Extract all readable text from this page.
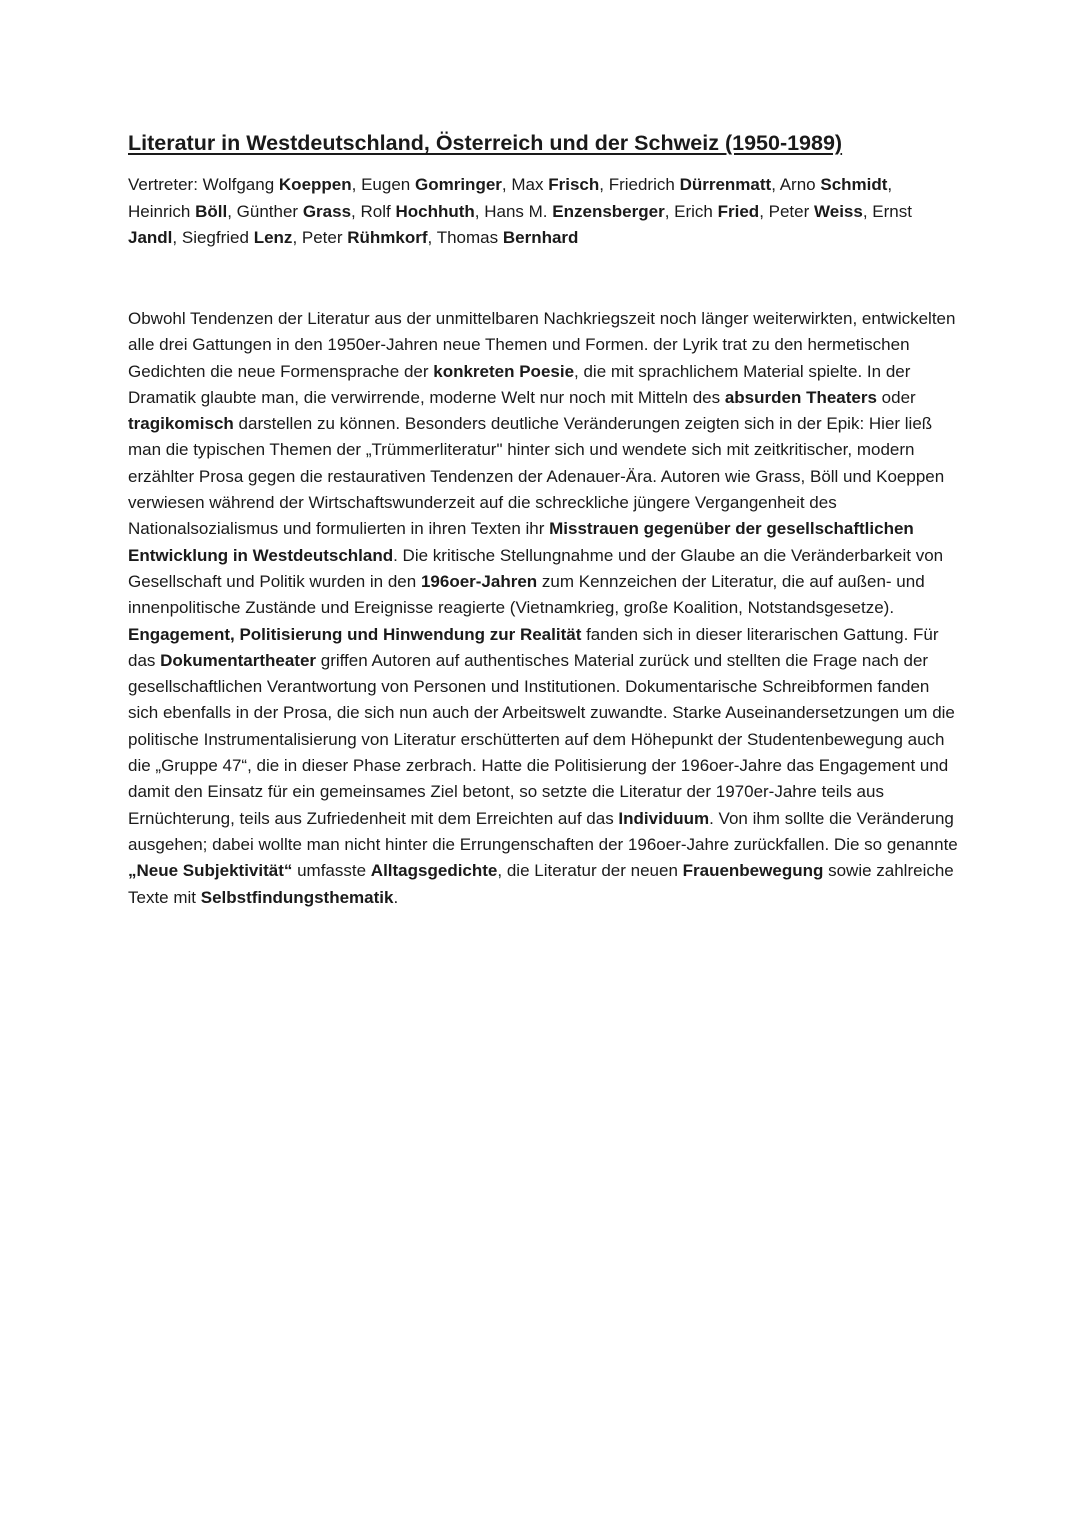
Literatur in Westdeutschland, Österreich und der Schweiz (1950-1989)

Vertreter: Wolfgang Koeppen, Eugen Gomringer, Max Frisch, Friedrich Dürrenmatt, Arno Schmidt, Heinrich Böll, Günther Grass, Rolf Hochhuth, Hans M. Enzensberger, Erich Fried, Peter Weiss, Ernst Jandl, Siegfried Lenz, Peter Rühmkorf, Thomas Bernhard

Obwohl Tendenzen der Literatur aus der unmittelbaren Nachkriegszeit noch länger weiterwirkten, entwickelten alle drei Gattungen in den 1950er-Jahren neue Themen und Formen. der Lyrik trat zu den hermetischen Gedichten die neue Formensprache der konkreten Poesie, die mit sprachlichem Material spielte. In der Dramatik glaubte man, die verwirrende, moderne Welt nur noch mit Mitteln des absurden Theaters oder tragikomisch darstellen zu können. Besonders deutliche Veränderungen zeigten sich in der Epik: Hier ließ man die typischen Themen der „Trümmerliteratur" hinter sich und wendete sich mit zeitkritischer, modern erzählter Prosa gegen die restaurativen Tendenzen der Adenauer-Ära. Autoren wie Grass, Böll und Koeppen verwiesen während der Wirtschaftswunderzeit auf die schreckliche jüngere Vergangenheit des Nationalsozialismus und formulierten in ihren Texten ihr Misstrauen gegenüber der gesellschaftlichen Entwicklung in Westdeutschland. Die kritische Stellungnahme und der Glaube an die Veränderbarkeit von Gesellschaft und Politik wurden in den 196oer-Jahren zum Kennzeichen der Literatur, die auf außen- und innenpolitische Zustände und Ereignisse reagierte (Vietnamkrieg, große Koalition, Notstandsgesetze). Engagement, Politisierung und Hinwendung zur Realität fanden sich in dieser literarischen Gattung. Für das Dokumentartheater griffen Autoren auf authentisches Material zurück und stellten die Frage nach der gesellschaftlichen Verantwortung von Personen und Institutionen. Dokumentarische Schreibformen fanden sich ebenfalls in der Prosa, die sich nun auch der Arbeitswelt zuwandte. Starke Auseinandersetzungen um die politische Instrumentalisierung von Literatur erschütterten auf dem Höhepunkt der Studentenbewegung auch die „Gruppe 47“, die in dieser Phase zerbrach. Hatte die Politisierung der 196oer-Jahre das Engagement und damit den Einsatz für ein gemeinsames Ziel betont, so setzte die Literatur der 1970er-Jahre teils aus Ernüchterung, teils aus Zufriedenheit mit dem Erreichten auf das Individuum. Von ihm sollte die Veränderung ausgehen; dabei wollte man nicht hinter die Errungenschaften der 196oer-Jahre zurückfallen. Die so genannte „Neue Subjektivität“ umfasste Alltagsgedichte, die Literatur der neuen Frauenbewegung sowie zahlreiche Texte mit Selbstfindungsthematik.
